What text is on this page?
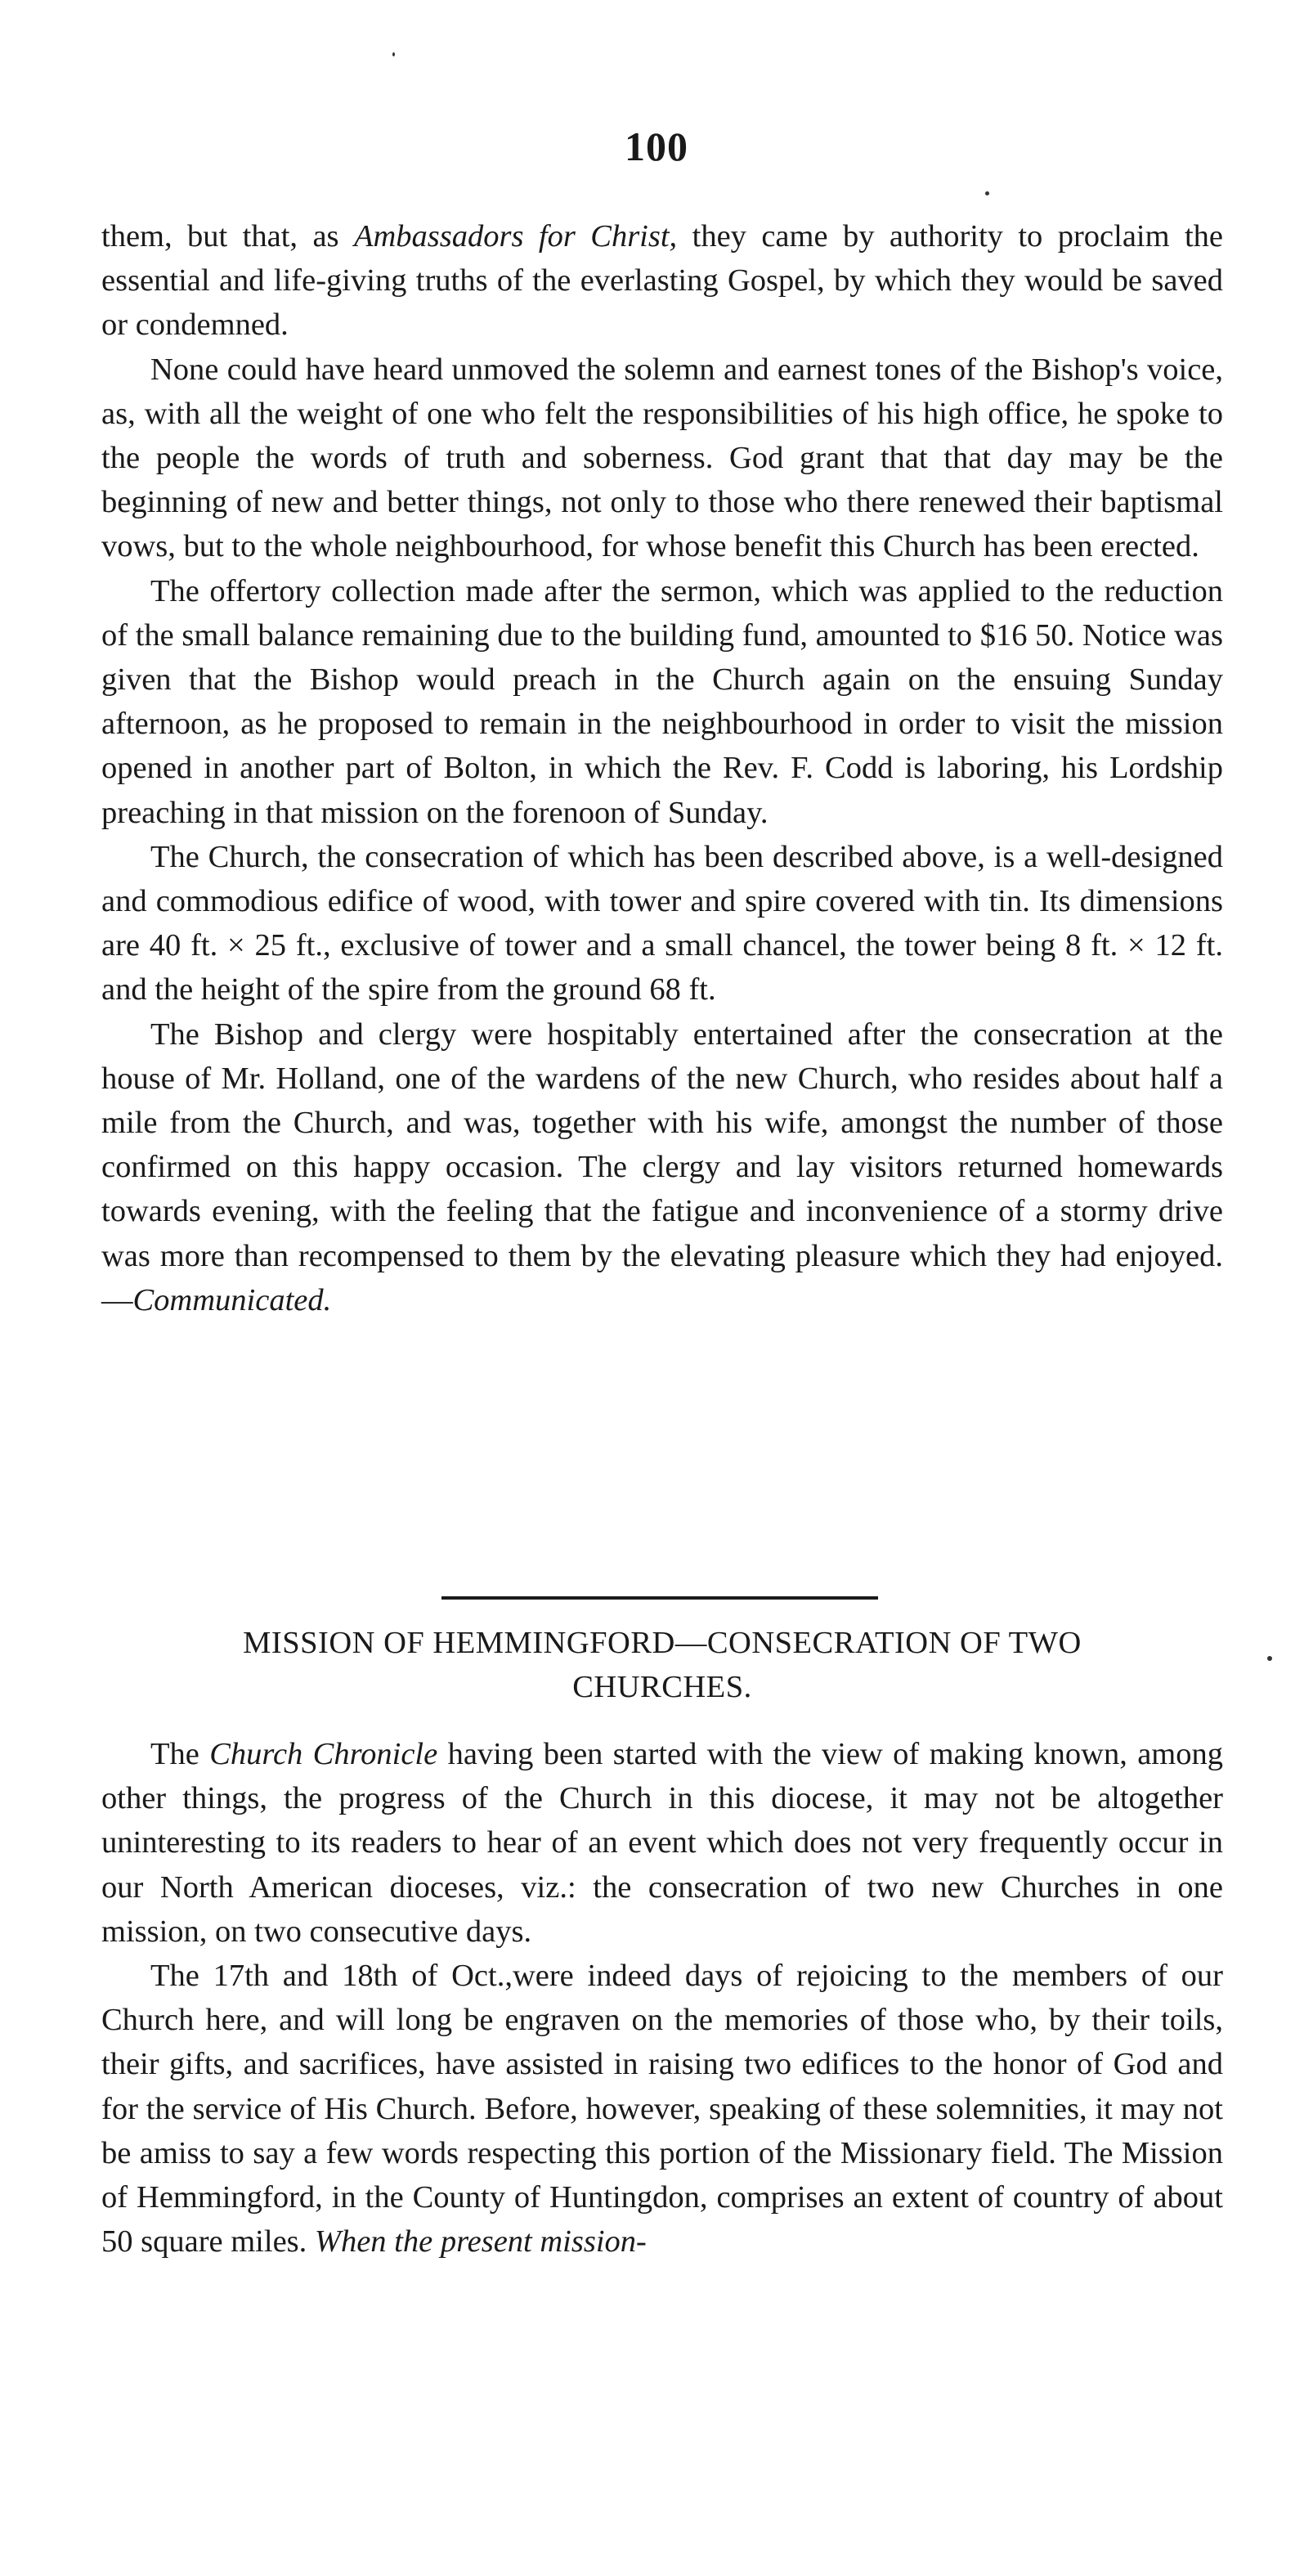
100

them, but that, as Ambassadors for Christ, they came by authority to proclaim the essential and life-giving truths of the everlasting Gospel, by which they would be saved or condemned.

None could have heard unmoved the solemn and earnest tones of the Bishop's voice, as, with all the weight of one who felt the responsibilities of his high office, he spoke to the people the words of truth and soberness. God grant that that day may be the beginning of new and better things, not only to those who there renewed their baptismal vows, but to the whole neighbourhood, for whose benefit this Church has been erected.

The offertory collection made after the sermon, which was applied to the reduction of the small balance remaining due to the building fund, amounted to $16 50. Notice was given that the Bishop would preach in the Church again on the ensuing Sunday afternoon, as he proposed to remain in the neighbourhood in order to visit the mission opened in another part of Bolton, in which the Rev. F. Codd is laboring, his Lordship preaching in that mission on the forenoon of Sunday.

The Church, the consecration of which has been described above, is a well-designed and commodious edifice of wood, with tower and spire covered with tin. Its dimensions are 40 ft. × 25 ft., exclusive of tower and a small chancel, the tower being 8 ft. × 12 ft. and the height of the spire from the ground 68 ft.

The Bishop and clergy were hospitably entertained after the consecration at the house of Mr. Holland, one of the wardens of the new Church, who resides about half a mile from the Church, and was, together with his wife, amongst the number of those confirmed on this happy occasion. The clergy and lay visitors returned homewards towards evening, with the feeling that the fatigue and inconvenience of a stormy drive was more than recompensed to them by the elevating pleasure which they had enjoyed.—Communicated.

MISSION OF HEMMINGFORD—CONSECRATION OF TWO
CHURCHES.

The Church Chronicle having been started with the view of making known, among other things, the progress of the Church in this diocese, it may not be altogether uninteresting to its readers to hear of an event which does not very frequently occur in our North American dioceses, viz.: the consecration of two new Churches in one mission, on two consecutive days.

The 17th and 18th of Oct.,were indeed days of rejoicing to the members of our Church here, and will long be engraven on the memories of those who, by their toils, their gifts, and sacrifices, have assisted in raising two edifices to the honor of God and for the service of His Church. Before, however, speaking of these solemnities, it may not be amiss to say a few words respecting this portion of the Missionary field. The Mission of Hemmingford, in the County of Huntingdon, comprises an extent of country of about 50 square miles. When the present mission-
